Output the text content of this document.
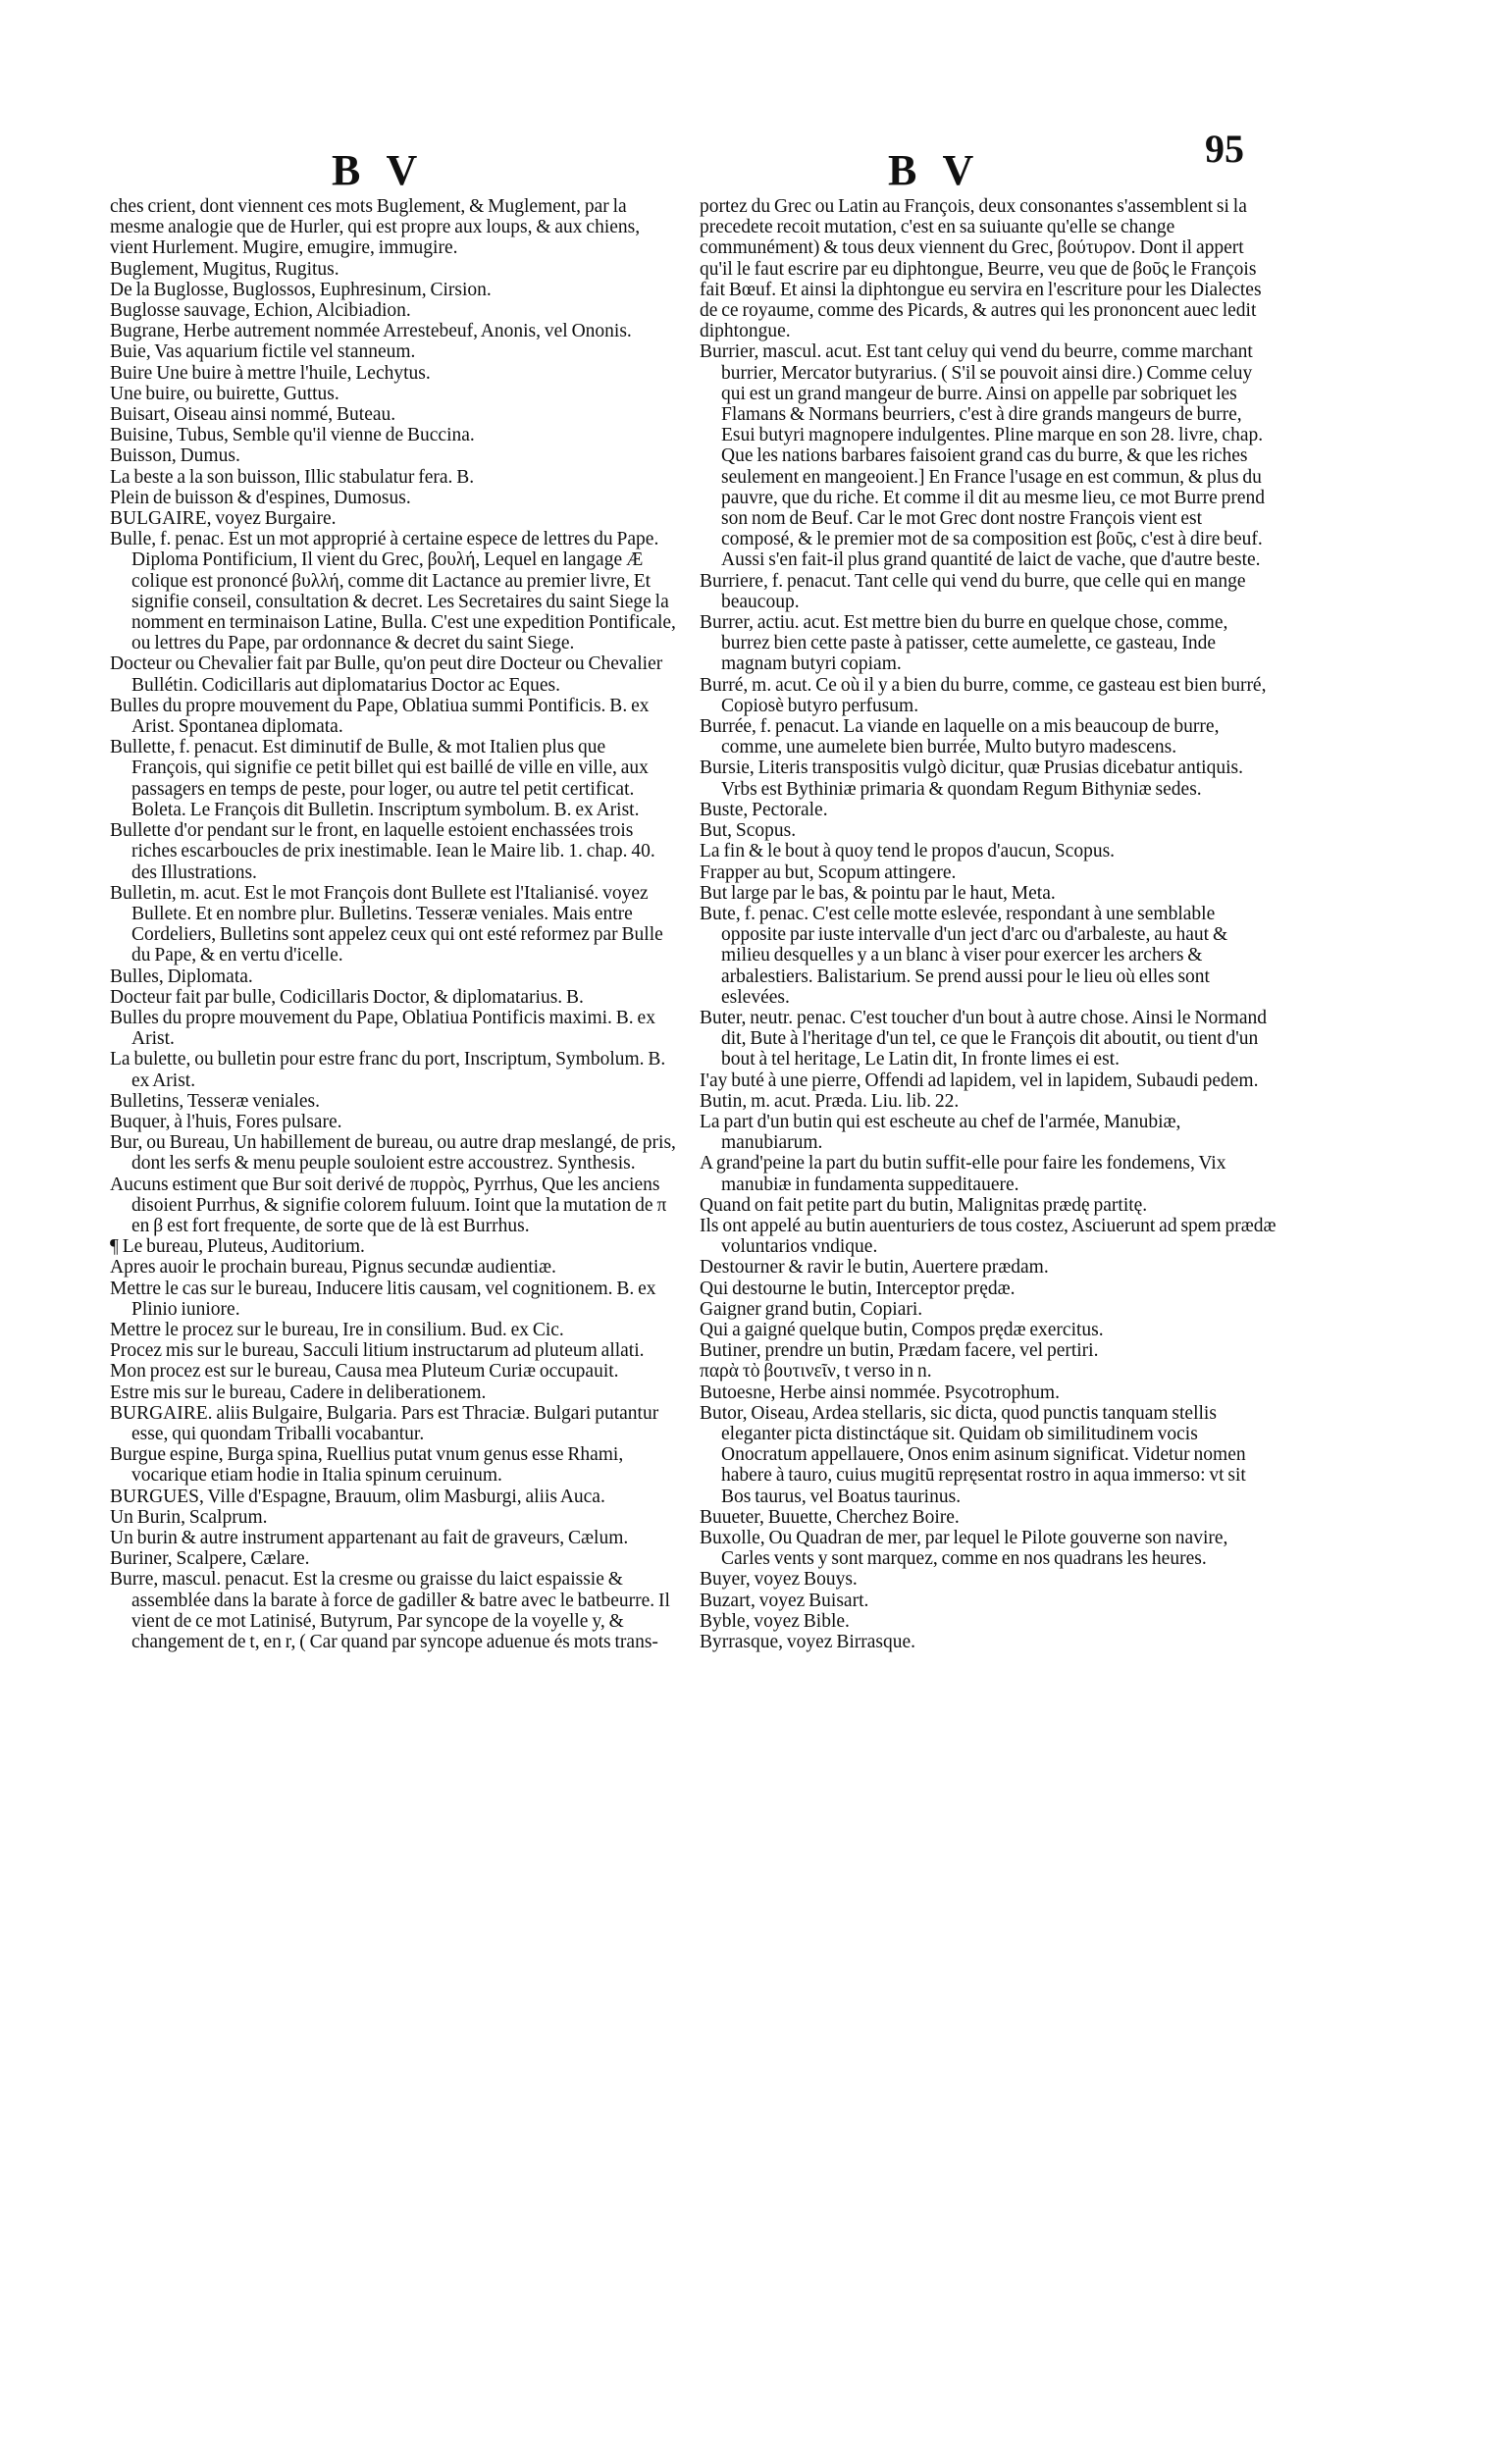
B V	B V	95

ches crient, dont viennent ces mots Buglement, & Muglement, par la mesme analogie que de Hurler, qui est propre aux loups, & aux chiens, vient Hurlement. Mugire, emugire, immugire.

Buglement, Mugitus, Rugitus.

De la Buglosse, Buglossos, Euphresinum, Cirsion.

Buglosse sauvage, Echion, Alcibiadion.

Bugrane, Herbe autrement nommée Arrestebeuf, Anonis, vel Ononis.

Buie, Vas aquarium fictile vel stanneum.

Buire Une buire à mettre l'huile, Lechytus.

Une buire, ou buirette, Guttus.

Buisart, Oiseau ainsi nommé, Buteau.

Buisine, Tubus, Semble qu'il vienne de Buccina.

Buisson, Dumus.

La beste a la son buisson, Illic stabulatur fera. B.

Plein de buisson & d'espines, Dumosus.

BULGAIRE, voyez Burgaire.

Bulle, f. penac. Est un mot approprié à certaine espece de lettres du Pape. Diploma Pontificium, Il vient du Grec, βουλή, Lequel en langage Æ colique est prononcé βυλλή, comme dit Lactance au premier livre, Et signifie conseil, consultation & decret. Les Secretaires du saint Siege la nomment en terminaison Latine, Bulla. C'est une expedition Pontificale, ou lettres du Pape, par ordonnance & decret du saint Siege.

Docteur ou Chevalier fait par Bulle, qu'on peut dire Docteur ou Chevalier Bullétin. Codicillaris aut diplomatarius Doctor ac Eques.

Bulles du propre mouvement du Pape, Oblatiua summi Pontificis. B. ex Arist. Spontanea diplomata.

Bullette, f. penacut. Est diminutif de Bulle, & mot Italien plus que François, qui signifie ce petit billet qui est baillé de ville en ville, aux passagers en temps de peste, pour loger, ou autre tel petit certificat. Boleta. Le François dit Bulletin. Inscriptum symbolum. B. ex Arist.

Bullette d'or pendant sur le front, en laquelle estoient enchassées trois riches escarboucles de prix inestimable. Iean le Maire lib. 1. chap. 40. des Illustrations.

Bulletin, m. acut. Est le mot François dont Bullete est l'Italianisé. voyez Bullete. Et en nombre plur. Bulletins. Tesseræ veniales. Mais entre Cordeliers, Bulletins sont appelez ceux qui ont esté reformez par Bulle du Pape, & en vertu d'icelle.

Bulles, Diplomata.

Docteur fait par bulle, Codicillaris Doctor, & diplomatarius. B.

Bulles du propre mouvement du Pape, Oblatiua Pontificis maximi. B. ex Arist.

La bulette, ou bulletin pour estre franc du port, Inscriptum, Symbolum. B. ex Arist.

Bulletins, Tesseræ veniales.

Buquer, à l'huis, Fores pulsare.

Bur, ou Bureau, Un habillement de bureau, ou autre drap meslangé, de pris, dont les serfs & menu peuple souloient estre accoustrez. Synthesis.

Aucuns estiment que Bur soit derivé de πυρρὸς, Pyrrhus, Que les anciens disoient Purrhus, & signifie colorem fuluum. Ioint que la mutation de π en β est fort frequente, de sorte que de là est Burrhus.

¶ Le bureau, Pluteus, Auditorium.

Apres auoir le prochain bureau, Pignus secundæ audientiæ.

Mettre le cas sur le bureau, Inducere litis causam, vel cognitionem. B. ex Plinio iuniore.

Mettre le procez sur le bureau, Ire in consilium. Bud. ex Cic.

Procez mis sur le bureau, Sacculi litium instructarum ad pluteum allati.

Mon procez est sur le bureau, Causa mea Pluteum Curiæ occupauit.

Estre mis sur le bureau, Cadere in deliberationem.

BURGAIRE. aliis Bulgaire, Bulgaria. Pars est Thraciæ. Bulgari putantur esse, qui quondam Triballi vocabantur.

Burgue espine, Burga spina, Ruellius putat vnum genus esse Rhami, vocarique etiam hodie in Italia spinum ceruinum.

BURGUES, Ville d'Espagne, Brauum, olim Masburgi, aliis Auca.

Un Burin, Scalprum.

Un burin & autre instrument appartenant au fait de graveurs, Cælum.

Buriner, Scalpere, Cælare.

Burre, mascul. penacut. Est la cresme ou graisse du laict espaissie & assemblée dans la barate à force de gadiller & batre avec le batbeurre. Il vient de ce mot Latinisé, Butyrum, Par syncope de la voyelle y, & changement de t, en r, ( Car quand par syncope aduenue és mots trans-

portez du Grec ou Latin au François, deux consonantes s'assemblent si la precedete recoit mutation, c'est en sa suiuante qu'elle se change communément) & tous deux viennent du Grec, βούτυρον. Dont il appert qu'il le faut escrire par eu diphtongue, Beurre, veu que de βοῦς le François fait Bœuf. Et ainsi la diphtongue eu servira en l'escriture pour les Dialectes de ce royaume, comme des Picards, & autres qui les prononcent auec ledit diphtongue.

Burrier, mascul. acut. Est tant celuy qui vend du beurre, comme marchant burrier, Mercator butyrarius. ( S'il se pouvoit ainsi dire.) Comme celuy qui est un grand mangeur de burre. Ainsi on appelle par sobriquet les Flamans & Normans beurriers, c'est à dire grands mangeurs de burre, Esui butyri magnopere indulgentes. Pline marque en son 28. livre, chap. Que les nations barbares faisoient grand cas du burre, & que les riches seulement en mangeoient.] En France l'usage en est commun, & plus du pauvre, que du riche. Et comme il dit au mesme lieu, ce mot Burre prend son nom de Beuf. Car le mot Grec dont nostre François vient est composé, & le premier mot de sa composition est βοῦς, c'est à dire beuf. Aussi s'en fait-il plus grand quantité de laict de vache, que d'autre beste.

Burriere, f. penacut. Tant celle qui vend du burre, que celle qui en mange beaucoup.

Burrer, actiu. acut. Est mettre bien du burre en quelque chose, comme, burrez bien cette paste à patisser, cette aumelette, ce gasteau, Inde magnam butyri copiam.

Burré, m. acut. Ce où il y a bien du burre, comme, ce gasteau est bien burré, Copiosè butyro perfusum.

Burrée, f. penacut. La viande en laquelle on a mis beaucoup de burre, comme, une aumelete bien burrée, Multo butyro madescens.

Bursie, Literis transpositis vulgò dicitur, quæ Prusias dicebatur antiquis. Vrbs est Bythiniæ primaria & quondam Regum Bithyniæ sedes.

Buste, Pectorale.

But, Scopus.

La fin & le bout à quoy tend le propos d'aucun, Scopus.

Frapper au but, Scopum attingere.

But large par le bas, & pointu par le haut, Meta.

Bute, f. penac. C'est celle motte eslevée, respondant à une semblable opposite par iuste intervalle d'un ject d'arc ou d'arbaleste, au haut & milieu desquelles y a un blanc à viser pour exercer les archers & arbalestiers. Balistarium. Se prend aussi pour le lieu où elles sont eslevées.

Buter, neutr. penac. C'est toucher d'un bout à autre chose. Ainsi le Normand dit, Bute à l'heritage d'un tel, ce que le François dit aboutit, ou tient d'un bout à tel heritage, Le Latin dit, In fronte limes ei est.

I'ay buté à une pierre, Offendi ad lapidem, vel in lapidem, Subaudi pedem.

Butin, m. acut. Præda. Liu. lib. 22.

La part d'un butin qui est escheute au chef de l'armée, Manubiæ, manubiarum.

A grand'peine la part du butin suffit-elle pour faire les fondemens, Vix manubiæ in fundamenta suppeditauere.

Quand on fait petite part du butin, Malignitas prædę partitę.

Ils ont appelé au butin auenturiers de tous costez, Asciuerunt ad spem prædæ voluntarios vndique.

Destourner & ravir le butin, Auertere prædam.

Qui destourne le butin, Interceptor prędæ.

Gaigner grand butin, Copiari.

Qui a gaigné quelque butin, Compos prędæ exercitus.

Butiner, prendre un butin, Prædam facere, vel pertiri.

παρὰ τὸ βουτινεῖν, t verso in n.

Butoesne, Herbe ainsi nommée. Psycotrophum.

Butor, Oiseau, Ardea stellaris, sic dicta, quod punctis tanquam stellis eleganter picta distinctáque sit. Quidam ob similitudinem vocis Onocratum appellauere, Onos enim asinum significat. Videtur nomen habere à tauro, cuius mugitū repręsentat rostro in aqua immerso: vt sit Bos taurus, vel Boatus taurinus.

Buueter, Buuette, Cherchez Boire.

Buxolle, Ou Quadran de mer, par lequel le Pilote gouverne son navire, Carles vents y sont marquez, comme en nos quadrans les heures.

Buyer, voyez Bouys.

Buzart, voyez Buisart.

Byble, voyez Bible.

Byrrasque, voyez Birrasque.
